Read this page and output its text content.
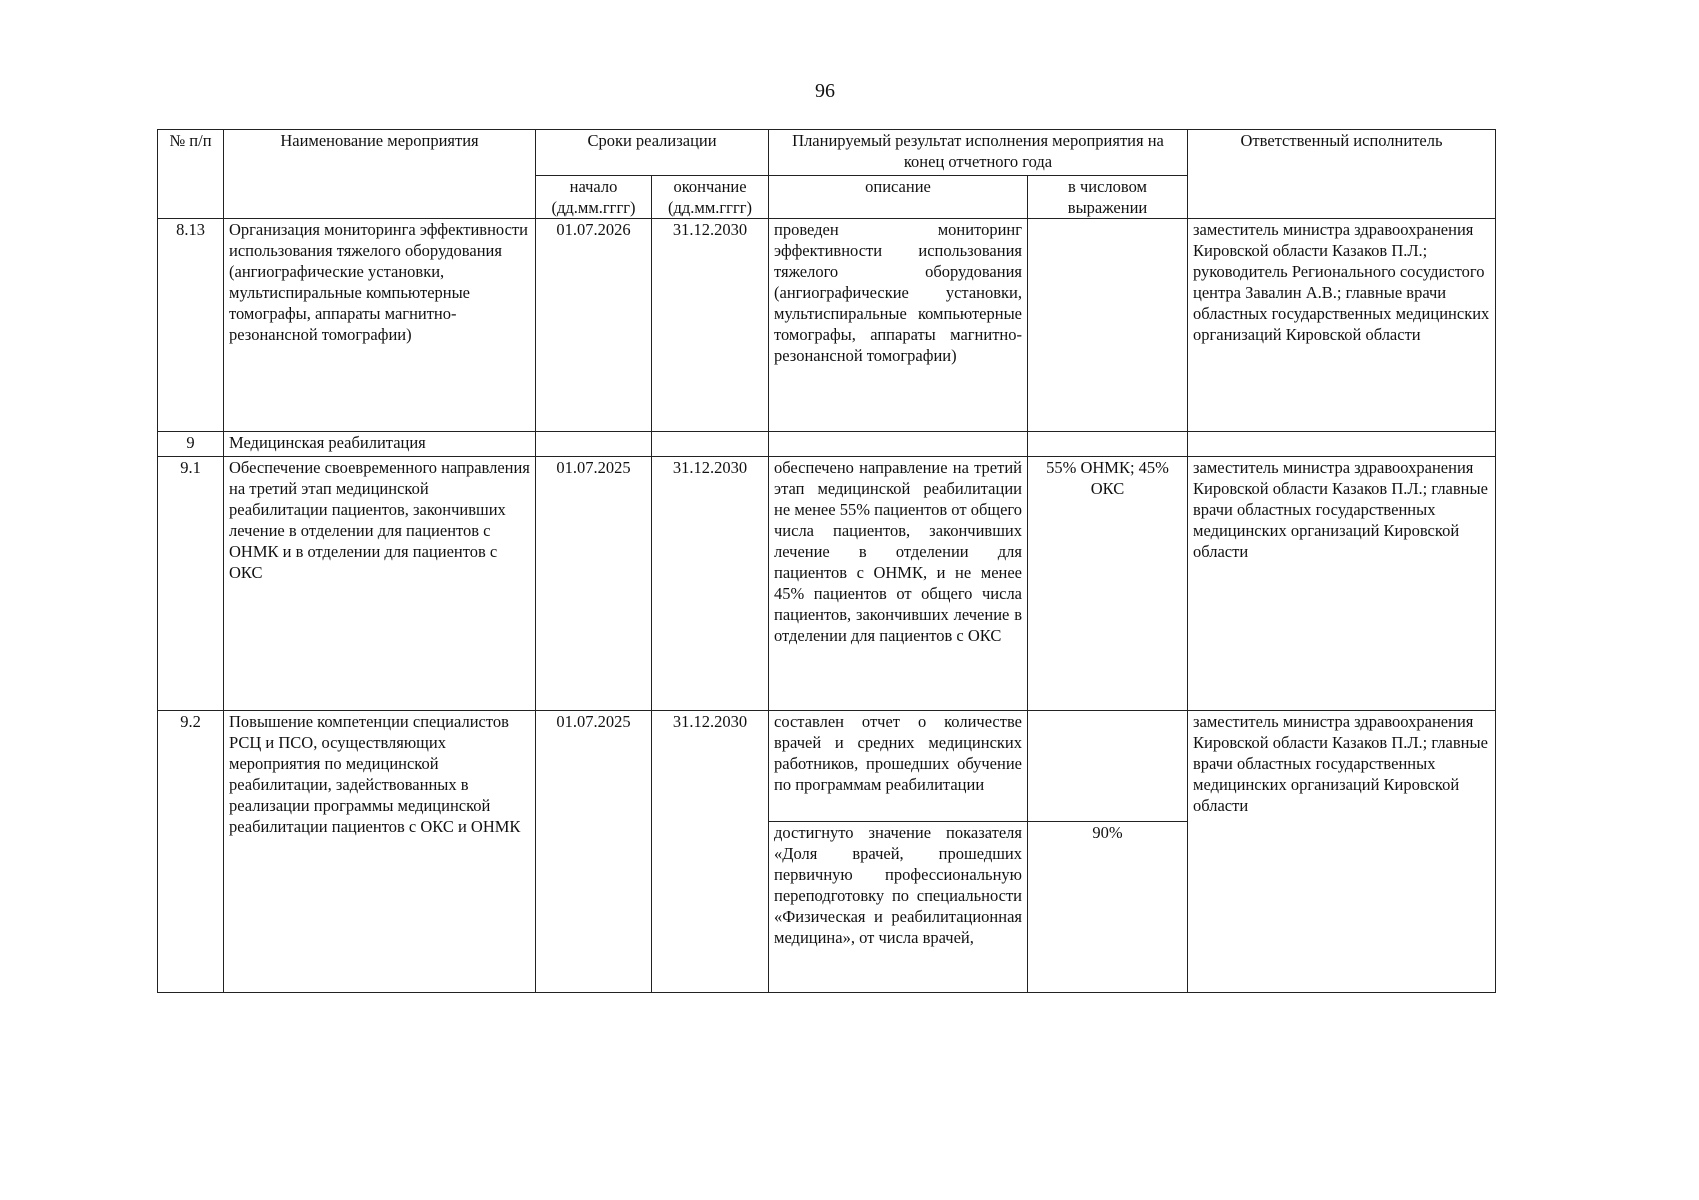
96
№ п/п	Наименование мероприятия	Сроки реализации		Планируемый результат исполнения мероприятия на конец отчетного года		Ответственный исполнитель
		начало (дд.мм.гггг)	окончание (дд.мм.гггг)	описание	в числовом выражении	
8.13	Организация мониторинга эффективности использования тяжелого оборудования (ангиографические установки, мультиспиральные компьютерные томографы, аппараты магнитно-резонансной томографии)	01.07.2026	31.12.2030	проведен мониторинг эффективности использования тяжелого оборудования (ангиографические установки, мультиспиральные компьютерные томографы, аппараты магнитно-резонансной томографии)		заместитель министра здравоохранения Кировской области Казаков П.Л.; руководитель Регионального сосудистого центра Завалин А.В.; главные врачи областных государственных медицинских организаций Кировской области
9	Медицинская реабилитация					
9.1	Обеспечение своевременного направления на третий этап медицинской реабилитации пациентов, закончивших лечение в отделении для пациентов с ОНМК и в отделении для пациентов с ОКС	01.07.2025	31.12.2030	обеспечено направление на третий этап медицинской реабилитации не менее 55% пациентов от общего числа пациентов, закончивших лечение в отделении для пациентов с ОНМК, и не менее 45% пациентов от общего числа пациентов, закончивших лечение в отделении для пациентов с ОКС	55% ОНМК; 45% ОКС	заместитель министра здравоохранения Кировской области Казаков П.Л.; главные врачи областных государственных медицинских организаций Кировской области
9.2	Повышение компетенции специалистов РСЦ и ПСО, осуществляющих мероприятия по медицинской реабилитации, задействованных в реализации программы медицинской реабилитации пациентов с ОКС и ОНМК	01.07.2025	31.12.2030	составлен отчет о количестве врачей и средних медицинских работников, прошедших обучение по программам реабилитации		заместитель министра здравоохранения Кировской области Казаков П.Л.; главные врачи областных государственных медицинских организаций Кировской области
				достигнуто значение показателя «Доля врачей, прошедших первичную профессиональную переподготовку по специальности «Физическая и реабилитационная медицина», от числа врачей,	90%	
